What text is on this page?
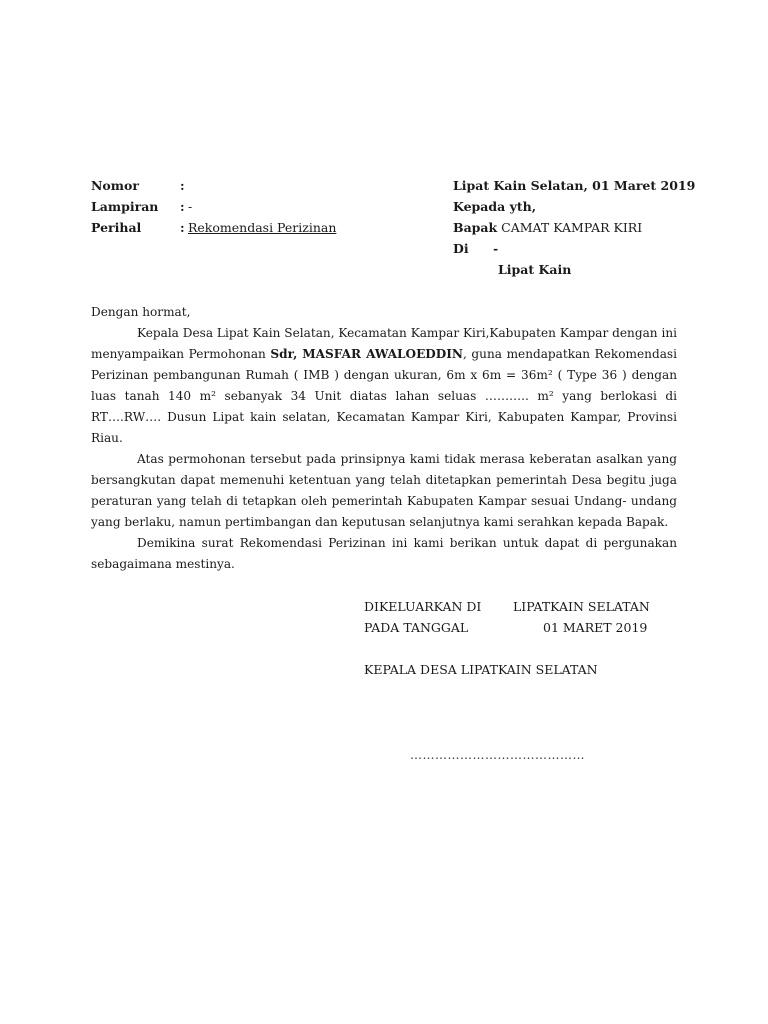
Nomor	:
Lampiran	: -
Perihal	: Rekomendasi Perizinan
Lipat Kain Selatan, 01 Maret 2019
Kepada yth,
Bapak CAMAT KAMPAR KIRI
Di -
Lipat Kain

Dengan hormat,

Kepala Desa Lipat Kain Selatan, Kecamatan Kampar Kiri,Kabupaten Kampar dengan ini menyampaikan Permohonan Sdr, MASFAR AWALOEDDIN, guna mendapatkan Rekomendasi Perizinan pembangunan Rumah ( IMB ) dengan ukuran, 6m x 6m = 36m² ( Type 36 ) dengan luas tanah 140 m² sebanyak 34 Unit diatas lahan seluas ……….. m² yang berlokasi di RT….RW…. Dusun Lipat kain selatan, Kecamatan Kampar Kiri, Kabupaten Kampar, Provinsi Riau.

Atas permohonan tersebut pada prinsipnya kami tidak merasa keberatan asalkan yang bersangkutan dapat memenuhi ketentuan yang telah ditetapkan pemerintah Desa begitu juga peraturan yang telah di tetapkan oleh pemerintah Kabupaten Kampar sesuai Undang- undang yang berlaku, namun pertimbangan dan keputusan selanjutnya kami serahkan kepada Bapak.

Demikina surat Rekomendasi Perizinan ini kami berikan untuk dapat di pergunakan sebagaimana mestinya.

DIKELUARKAN DI	LIPATKAIN SELATAN
PADA TANGGAL	01 MARET 2019
KEPALA DESA LIPATKAIN SELATAN
……………………………………
